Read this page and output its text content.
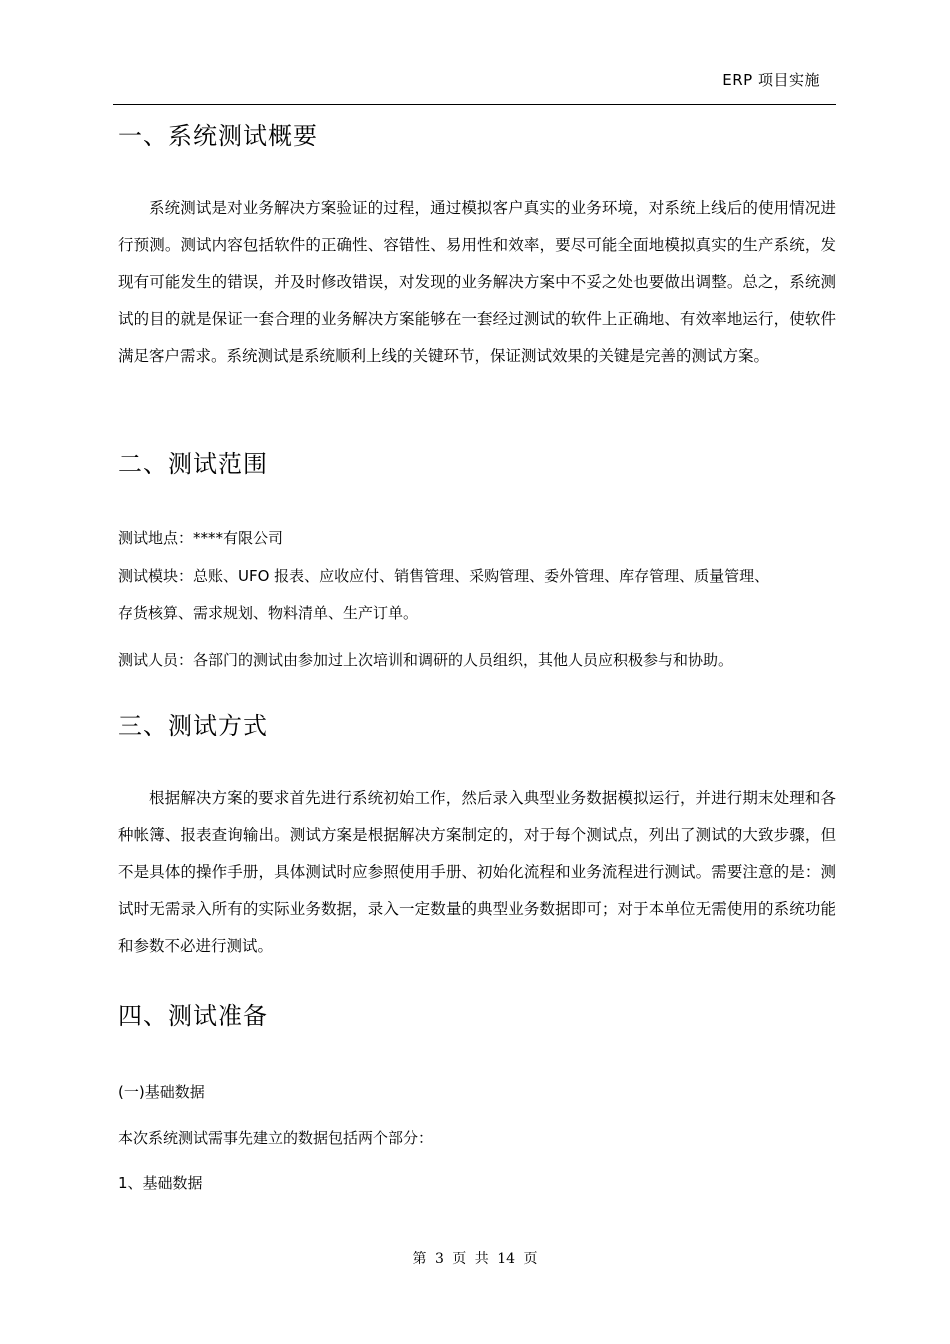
ERP 项目实施
一、系统测试概要

系统测试是对业务解决方案验证的过程，通过模拟客户真实的业务环境，对系统上线后的使用情况进行预测。测试内容包括软件的正确性、容错性、易用性和效率，要尽可能全面地模拟真实的生产系统，发现有可能发生的错误，并及时修改错误，对发现的业务解决方案中不妥之处也要做出调整。总之，系统测试的目的就是保证一套合理的业务解决方案能够在一套经过测试的软件上正确地、有效率地运行，使软件满足客户需求。系统测试是系统顺利上线的关键环节，保证测试效果的关键是完善的测试方案。

二、测试范围

测试地点：****有限公司

测试模块：总账、UFO 报表、应收应付、销售管理、采购管理、委外管理、库存管理、质量管理、

存货核算、需求规划、物料清单、生产订单。

测试人员：各部门的测试由参加过上次培训和调研的人员组织，其他人员应积极参与和协助。

三、测试方式

根据解决方案的要求首先进行系统初始工作，然后录入典型业务数据模拟运行，并进行期末处理和各种帐簿、报表查询输出。测试方案是根据解决方案制定的，对于每个测试点，列出了测试的大致步骤，但不是具体的操作手册，具体测试时应参照使用手册、初始化流程和业务流程进行测试。需要注意的是：测试时无需录入所有的实际业务数据，录入一定数量的典型业务数据即可；对于本单位无需使用的系统功能和参数不必进行测试。

四、测试准备

(一)基础数据

本次系统测试需事先建立的数据包括两个部分：

1、基础数据

第 3 页 共 14 页
